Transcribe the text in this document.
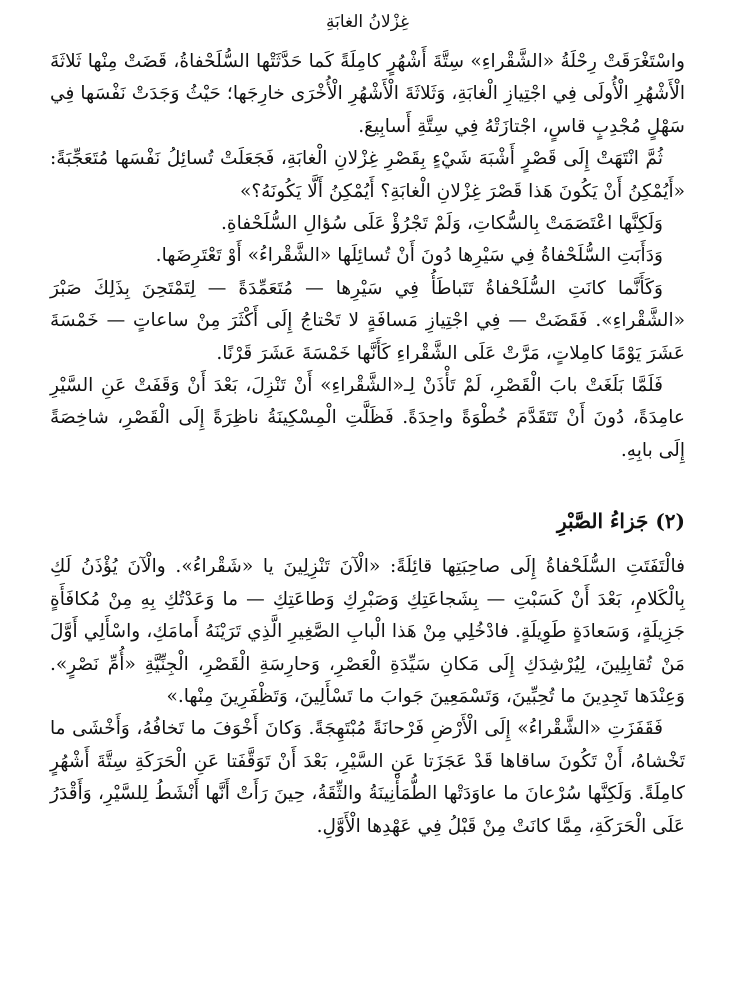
غِزْلانُ الغابَةِ

واسْتَغْرَقَتْ رِحْلَةُ «الشَّقْراءِ» سِتَّةَ أَشْهُرٍ كامِلَةً كَما حَدَّثَتْها السُّلَحْفاةُ، قَضَتْ مِنْها ثَلاثَةَ الْأَشْهُرِ الْأُولَى فِي اجْتِيازِ الْغابَةِ، وَثَلاثَةَ الْأَشْهُرِ الْأُخْرَى خارِجَها؛ حَيْثُ وَجَدَتْ نَفْسَها فِي سَهْلٍ مُجْدِبٍ قاسٍ، اجْتازَتْهُ فِي سِتَّةِ أَسابِيعَ.

ثُمَّ انْتَهَتْ إِلَى قَصْرٍ أَشْبَهَ شَيْءٍ بِقَصْرِ غِزْلانِ الْغابَةِ، فَجَعَلَتْ تُسائِلُ نَفْسَها مُتَعَجِّبَةً: «أَيُمْكِنُ أَنْ يَكُونَ هَذا قَصْرَ غِزْلانِ الْغابَةِ؟ أَيُمْكِنُ أَلَّا يَكُونَهُ؟»

وَلَكِنَّها اعْتَصَمَتْ بِالسُّكاتِ، وَلَمْ تَجْرُؤْ عَلَى سُؤالِ السُّلَحْفاةِ.

وَدَأَبَتِ السُّلَحْفاةُ فِي سَيْرِها دُونَ أَنْ تُسائِلَها «الشَّقْراءُ» أَوْ تَعْتَرِضَها.

وَكَأَنَّما كانَتِ السُّلَحْفاةُ تَتَباطَأُ فِي سَيْرِها — مُتَعَمِّدَةً — لِتَمْتَحِنَ بِذَلِكَ صَبْرَ «الشَّقْراءِ». فَقَضَتْ — فِي اجْتِيازِ مَسافَةٍ لا تَحْتاجُ إِلَى أَكْثَرَ مِنْ ساعاتٍ — خَمْسَةَ عَشَرَ يَوْمًا كامِلاتٍ، مَرَّتْ عَلَى الشَّقْراءِ كَأَنَّها خَمْسَةَ عَشَرَ قَرْنًا.

فَلَمَّا بَلَغَتْ بابَ الْقَصْرِ، لَمْ تَأْذَنْ لِـ«الشَّقْراءِ» أَنْ تَنْزِلَ، بَعْدَ أَنْ وَقَفَتْ عَنِ السَّيْرِ عامِدَةً، دُونَ أَنْ تَتَقَدَّمَ خُطْوَةً واحِدَةً. فَظَلَّتِ الْمِسْكِينَةُ ناظِرَةً إِلَى الْقَصْرِ، شاخِصَةً إِلَى بابِهِ.

(٢) جَزاءُ الصَّبْرِ

فالْتَفَتَتِ السُّلَحْفاةُ إِلَى صاحِبَتِها قائِلَةً: «الْآنَ تَنْزِلِينَ يا «شَقْراءُ». والْآنَ يُؤْذَنُ لَكِ بِالْكَلامِ، بَعْدَ أَنْ كَسَبْتِ — بِشَجاعَتِكِ وَصَبْرِكِ وَطاعَتِكِ — ما وَعَدْتُكِ بِهِ مِنْ مُكافَأَةٍ جَزِيلَةٍ، وَسَعادَةٍ طَوِيلَةٍ. فادْخُلِي مِنْ هَذا الْبابِ الصَّغِيرِ الَّذِي تَرَيْنَهُ أَمامَكِ، واسْأَلِي أَوَّلَ مَنْ تُقابِلِينَ، لِيُرْشِدَكِ إِلَى مَكانِ سَيِّدَةِ الْعَصْرِ، وَحارِسَةِ الْقَصْرِ، الْجِنِّيَّةِ «أُمِّ نَصْرٍ». وَعِنْدَها تَجِدِينَ ما تُحِبِّينَ، وَتَسْمَعِينَ جَوابَ ما تَسْأَلِينَ، وَتَظْفَرِينَ مِنْها.»

فَقَفَزَتِ «الشَّقْراءُ» إِلَى الْأَرْضِ فَرْحانَةً مُبْتَهِجَةً. وَكانَ أَخْوَفَ ما تَخافُهُ، وَأَخْشَى ما تَخْشاهُ، أَنْ تَكُونَ ساقاها قَدْ عَجَزَتا عَنِ السَّيْرِ، بَعْدَ أَنْ تَوَقَّفَتا عَنِ الْحَرَكَةِ سِتَّةَ أَشْهُرٍ كامِلَةً. وَلَكِنَّها سُرْعانَ ما عاوَدَتْها الطُّمَأْنِينَةُ والثِّقَةُ، حِينَ رَأَتْ أَنَّها أَنْشَطُ لِلسَّيْرِ، وَأَقْدَرُ عَلَى الْحَرَكَةِ، مِمَّا كانَتْ مِنْ قَبْلُ فِي عَهْدِها الْأَوَّلِ.
